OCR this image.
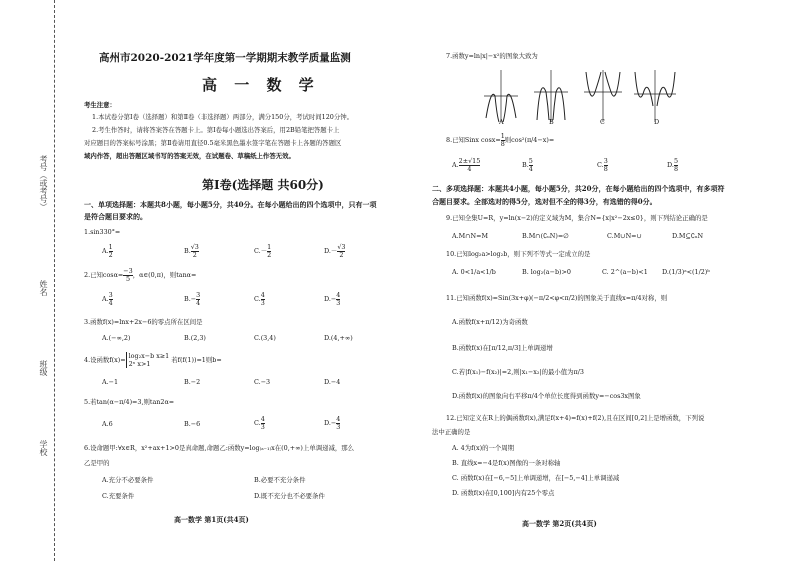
考号（或考号）
姓名
班级
学校
高州市2020-2021学年度第一学期期末教学质量监测
高 一 数 学
考生注意：
1.本试卷分第Ⅰ卷（选择题）和第Ⅱ卷（非选择题）两部分，满分150分，考试时间120分钟。
2.考生作答时，请将答案答在答题卡上。第Ⅰ卷每小题选出答案后，用2B铅笔把答题卡上
对应题目的答案标号涂黑；第Ⅱ卷请用直径0.5毫米黑色墨水签字笔在答题卡上各题的答题区
域内作答，超出答题区域书写的答案无效，在试题卷、草稿纸上作答无效。
第Ⅰ卷(选择题 共60分)
一、单项选择题：本题共8小题，每小题5分，共40分。在每小题给出的四个选项中，只有一项
是符合题目要求的。
1.sin330°=
A. $\frac{1}{2}$	B. $\frac{√3}{2}$	$C.- \frac{1}{2}$	$D.- \frac{√3}{2}$
2.已知$\cos\alpha= \frac{-3}{5}$ ，α∈(0,π)，则tanα=
A. $\frac{3}{4}$	$B.- \frac{3}{4}$	C. $\frac{4}{3}$	$D.- \frac{4}{3}$
3.函数f(x)=lnx+2x−6的零点所在区间是
A.(−∞,2)	B.(2,3)	C.(3,4)	D.(4,+∞)
4.设函数f(x)= log₂x−b x≥1
2ˣ x>1
若f(f(1))=1则b=
A.−1	B.−2	C.−3	D.−4
5.若tan(α−π/4)=3,则tan2α=
A.6	B.−6	C. $\frac{4}{3}$	$D.- \frac{4}{3}$
6.设命题甲:∀x∈R，x²+ax+1>0是真命题,命题乙:函数y=log₍ₐ₋₁₎x在(0,+∞)上单调递减，那么
乙是甲的
A.充分不必要条件	B.必要不充分条件
C.充要条件	D.既不充分也不必要条件
高一数学 第1页(共4页)
7.函数y=ln|x|−x²的图象大致为
A	B	C	D
8.已知Sinx $\cos x= \frac{1}{8}$ 则cos²(π/4−x)=
A. $\frac{2\pm√15}{4}$	B. $\frac{5}{4}$	C. $\frac{3}{8}$	D. $\frac{5}{8}$
二、多项选择题：本题共4小题，每小题5分，共20分，在每小题给出的四个选项中，有多项符
合题目要求。全部选对的得5分，选对但不全的得3分，有选错的得0分。
9.已知全集U=R，y=ln(x−2)的定义域为M，集合N={x|x²−2x≤0}，则下列结论正确的是
A.M∩N=M	B.M∩(∁ᵤN)=∅	C.M∪N=∪	D.M⊆∁ᵤN
10.已知log₂a>log₂b，则下列不等式一定成立的是
A. 0<1/a<1/b	B. log₂(a−b)>0	C. 2^(a−b)<1 D.(1/3)ᵃ<(1/2)ᵇ
11.已知函数f(x)=Sin(3x+φ)(−π/2<φ<π/2)的图象关于直线x=π/4对称，则
A.函数f(x+π/12)为奇函数
B.函数f(x)在[π/12,π/3]上单调递增
C.若|f(x₁)−f(x₂)|=2,则|x₁−x₂|的最小值为π/3
D.函数f(x)的图象向右平移π/4个单位长度得到函数y=−cos3x图象
12.已知定义在R上的偶函数f(x),满足f(x+4)=f(x)+f(2),且在区间[0,2]上是增函数，下列说
法中正确的是
A. 4为f(x)的一个周期
B. 直线x=−4是f(x)图像的一条对称轴
C. 函数f(x)在[−6,−5]上单调递增，在[−5,−4]上单调递减
D. 函数f(x)在[0,100]内有25个零点
高一数学 第2页(共4页)
